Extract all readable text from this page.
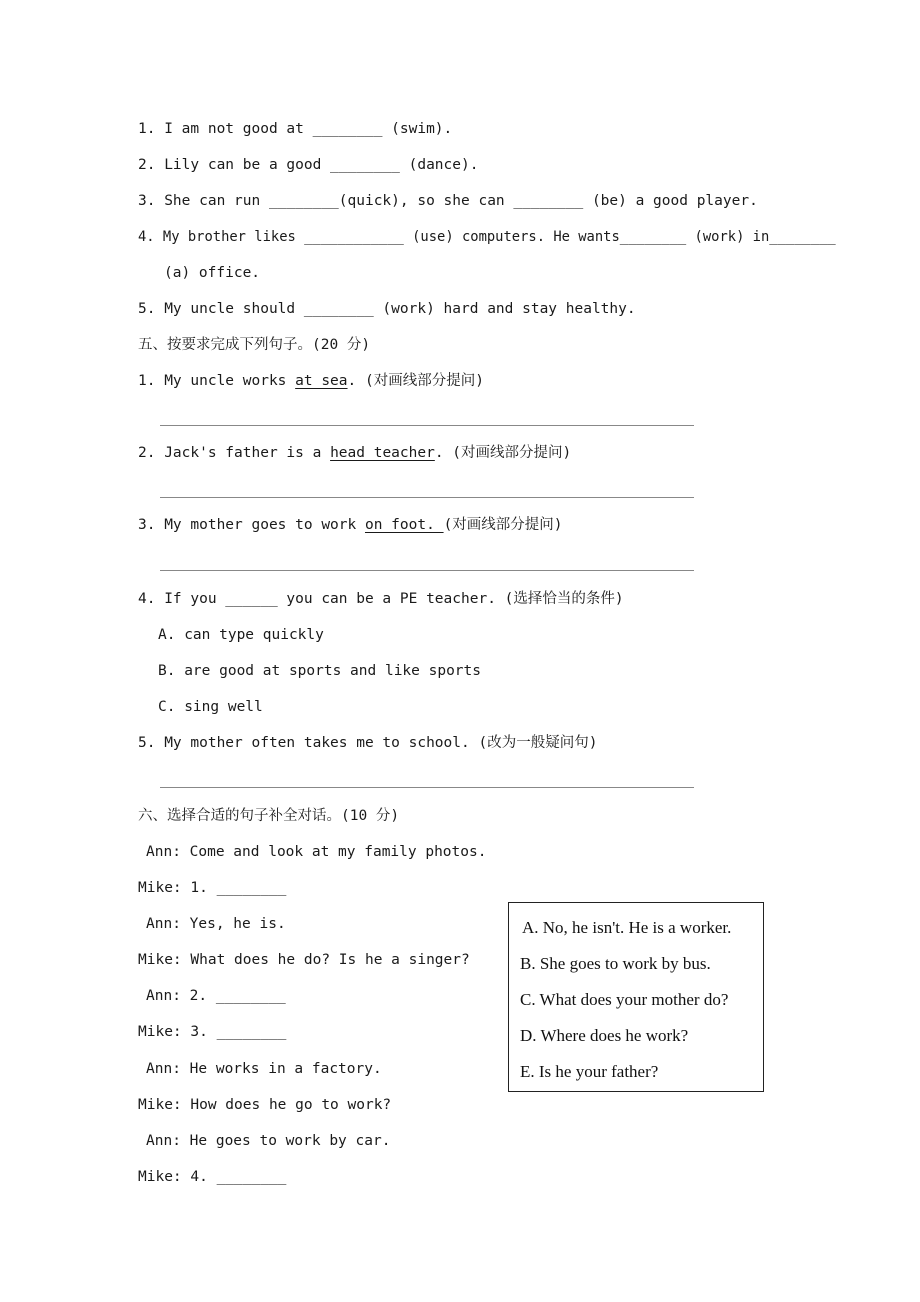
1. I am not good at ________ (swim).
2. Lily can be a good ________ (dance).
3. She can run ________(quick), so she can ________ (be) a good player.
4. My brother likes ____________ (use) computers. He wants________ (work) in________
(a) office.
5. My uncle should ________ (work) hard and stay healthy.
五、按要求完成下列句子。(20 分)
1. My uncle works at sea. (对画线部分提问)
2. Jack's father is a head teacher. (对画线部分提问)
3. My mother goes to work on foot. (对画线部分提问)
4. If you ______ you can be a PE teacher. (选择恰当的条件)
A. can type quickly
B. are good at sports and like sports
C. sing well
5. My mother often takes me to school. (改为一般疑问句)
六、选择合适的句子补全对话。(10 分)
Ann: Come and look at my family photos.
Mike: 1. ________
Ann: Yes, he is.
Mike: What does he do? Is he a singer?
Ann: 2. ________
Mike: 3. ________
Ann: He works in a factory.
Mike: How does he go to work?
Ann: He goes to work by car.
Mike: 4. ________
A. No, he isn't. He is a worker.
B. She goes to work by bus.
C. What does your mother do?
D. Where does he work?
E. Is he your father?
